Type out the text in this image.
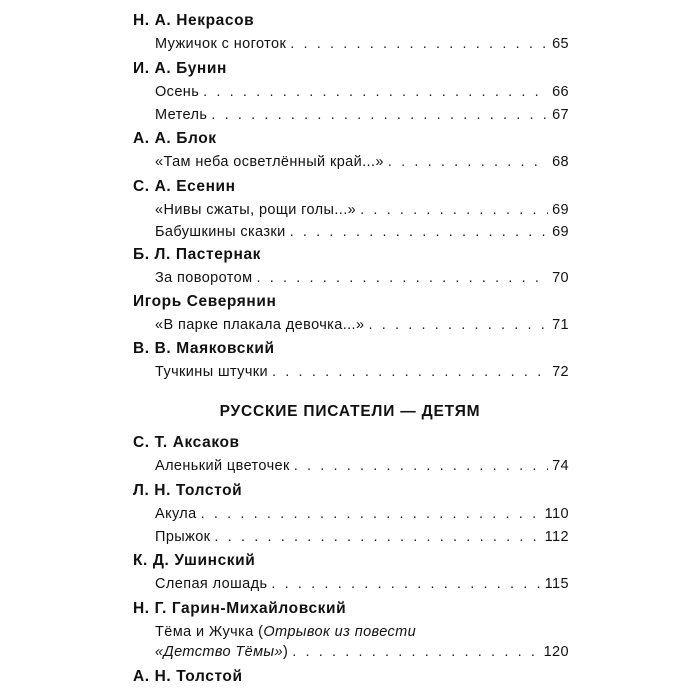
Н. А. Некрасов
Мужичок с ноготок . . .	65
И. А. Бунин
Осень . . .	66
Метель . . .	67
А. А. Блок
«Там неба осветлённый край...» . . .	68
С. А. Есенин
«Нивы сжаты, рощи голы...» . . .	69
Бабушкины сказки . . .	69
Б. Л. Пастернак
За поворотом . . .	70
Игорь Северянин
«В парке плакала девочка...» . . .	71
В. В. Маяковский
Тучкины штучки . . .	72
РУССКИЕ ПИСАТЕЛИ — ДЕТЯМ
С. Т. Аксаков
Аленький цветочек . . .	74
Л. Н. Толстой
Акула . . .	110
Прыжок . . .	112
К. Д. Ушинский
Слепая лошадь . . .	115
Н. Г. Гарин-Михайловский
Тёма и Жучка (Отрывок из повести
«Детство Тёмы») . . .	120
А. Н. Толстой
